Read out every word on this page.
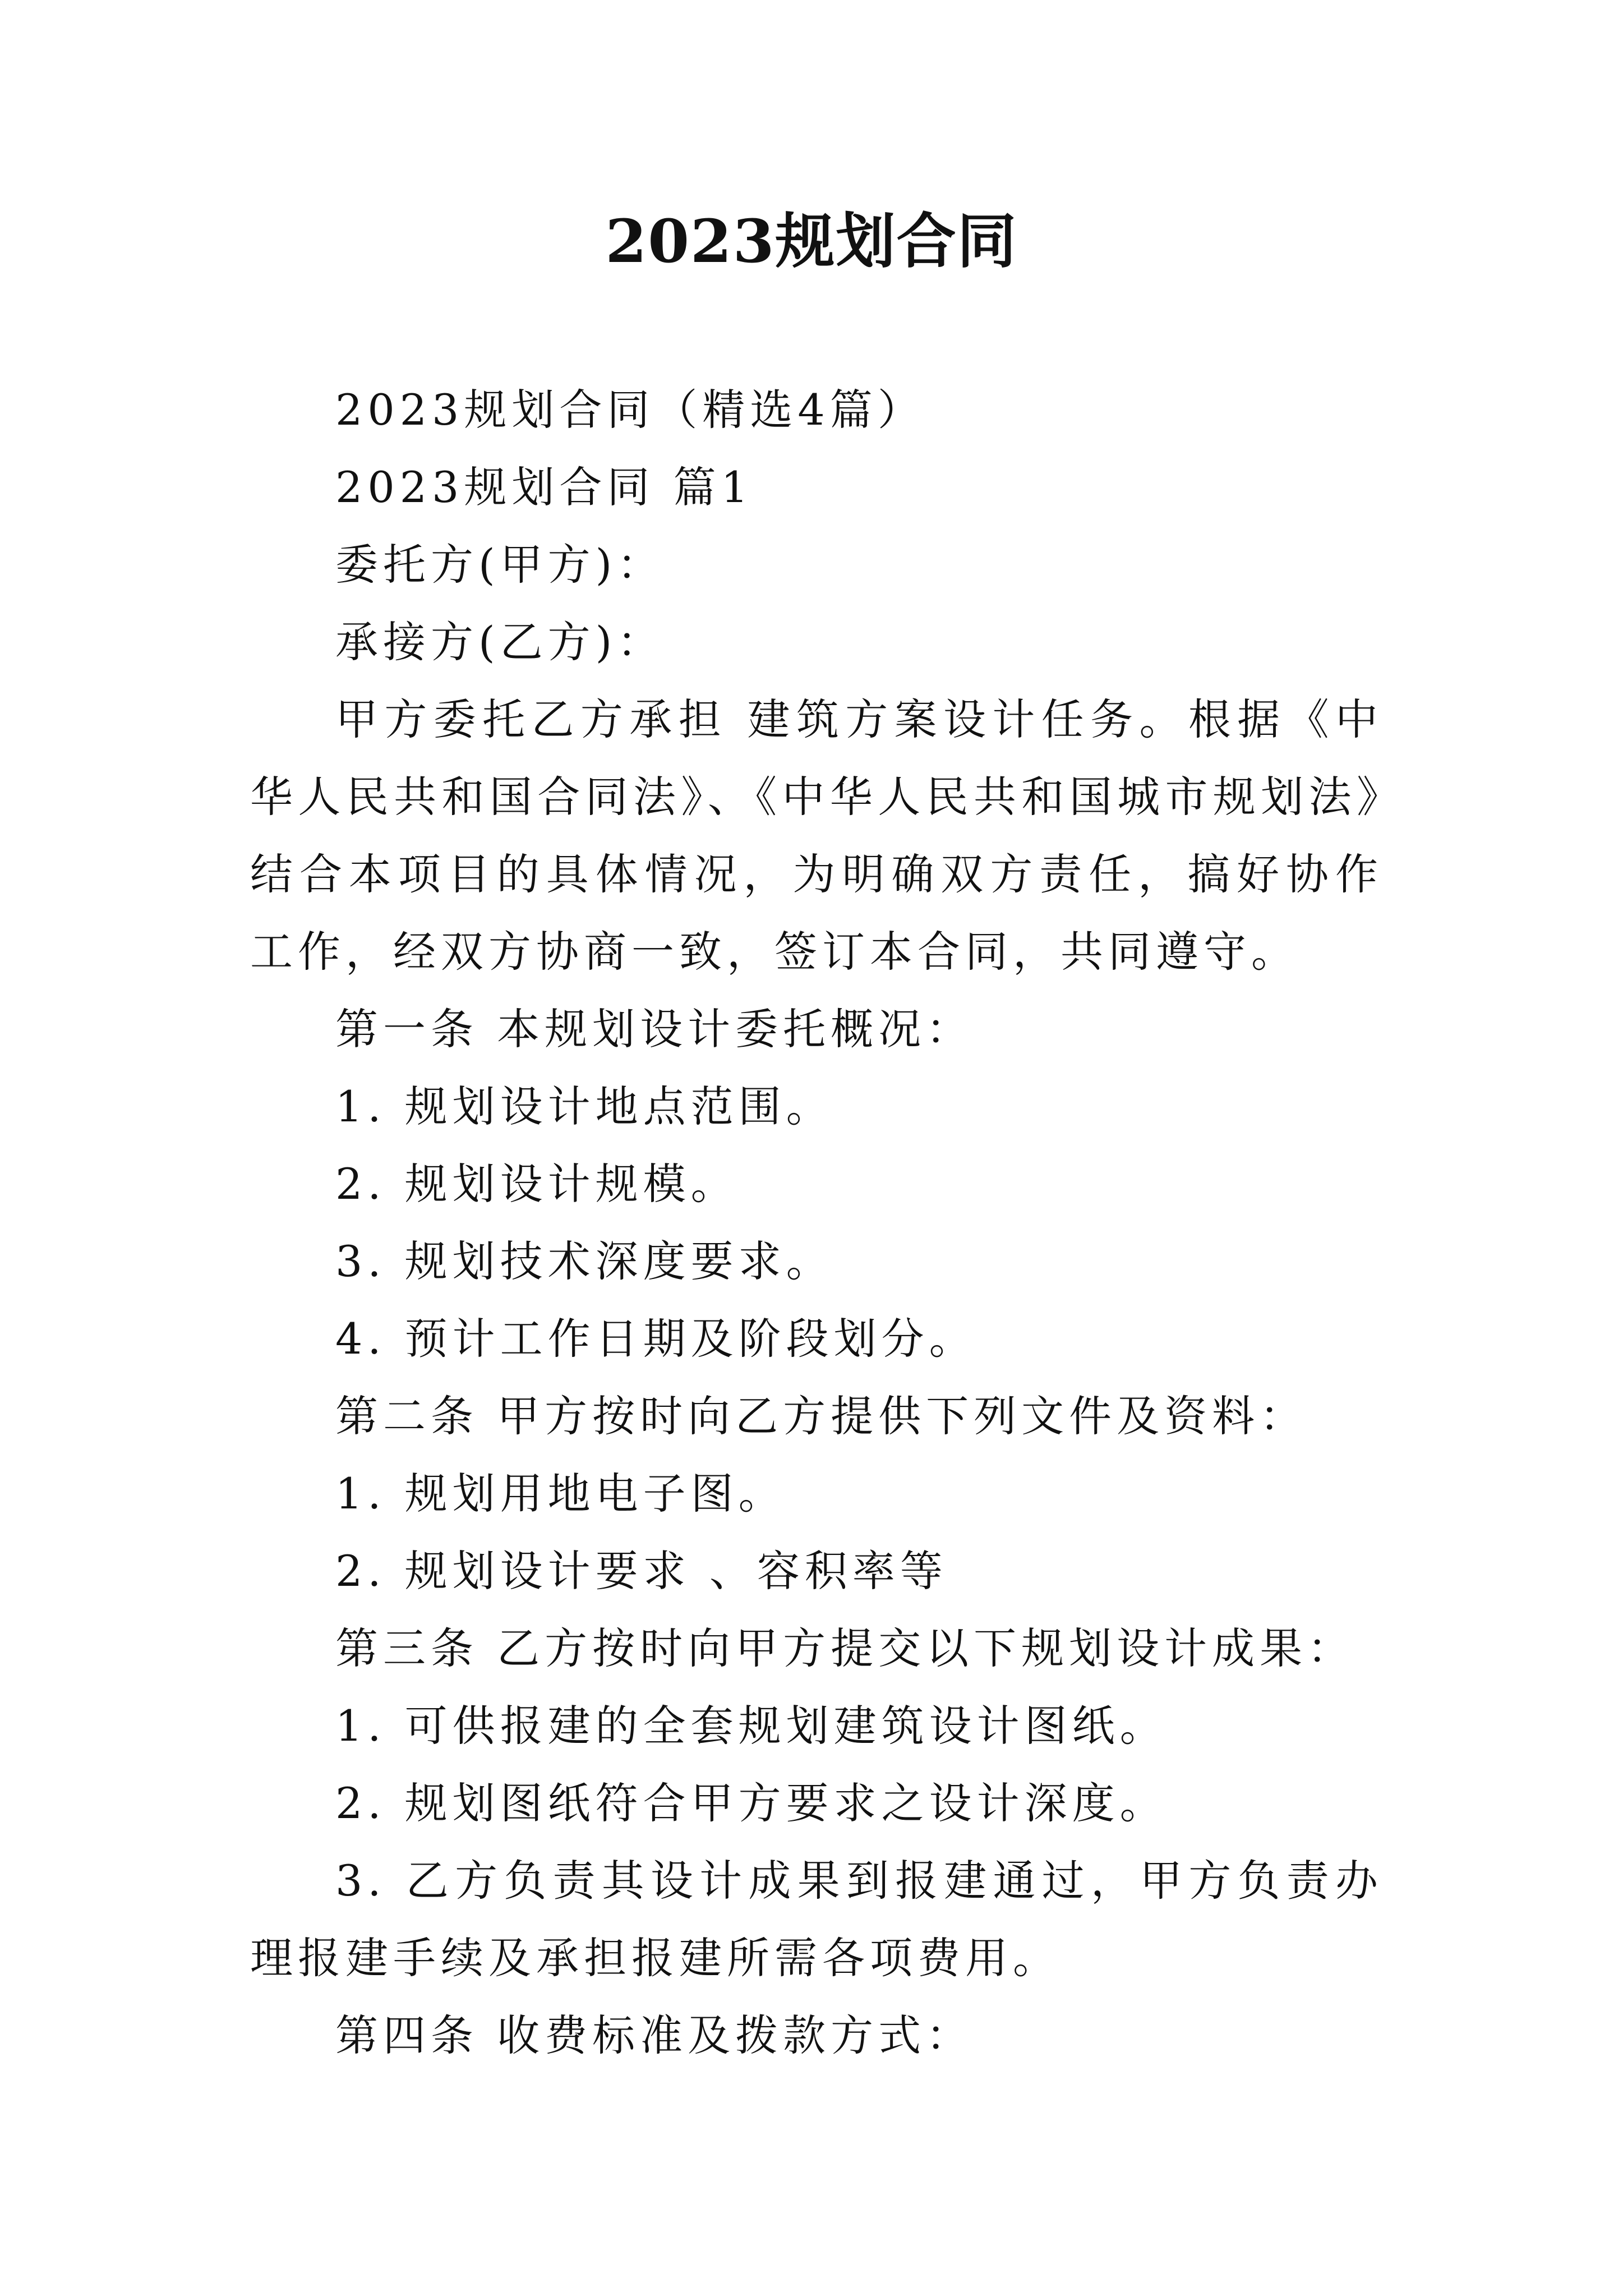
2023规划合同

2023规划合同（精选4篇）

2023规划合同 篇1

委托方(甲方)：

承接方(乙方)：

甲方委托乙方承担 建筑方案设计任务。根据《中华人民共和国合同法》、《中华人民共和国城市规划法》结合本项目的具体情况，为明确双方责任，搞好协作工作，经双方协商一致，签订本合同，共同遵守。

第一条 本规划设计委托概况：

1. 规划设计地点范围。

2. 规划设计规模。

3. 规划技术深度要求。

4. 预计工作日期及阶段划分。

第二条 甲方按时向乙方提供下列文件及资料：

1. 规划用地电子图。

2. 规划设计要求 、容积率等

第三条 乙方按时向甲方提交以下规划设计成果：

1. 可供报建的全套规划建筑设计图纸。

2. 规划图纸符合甲方要求之设计深度。

3. 乙方负责其设计成果到报建通过，甲方负责办理报建手续及承担报建所需各项费用。

第四条 收费标准及拨款方式：
